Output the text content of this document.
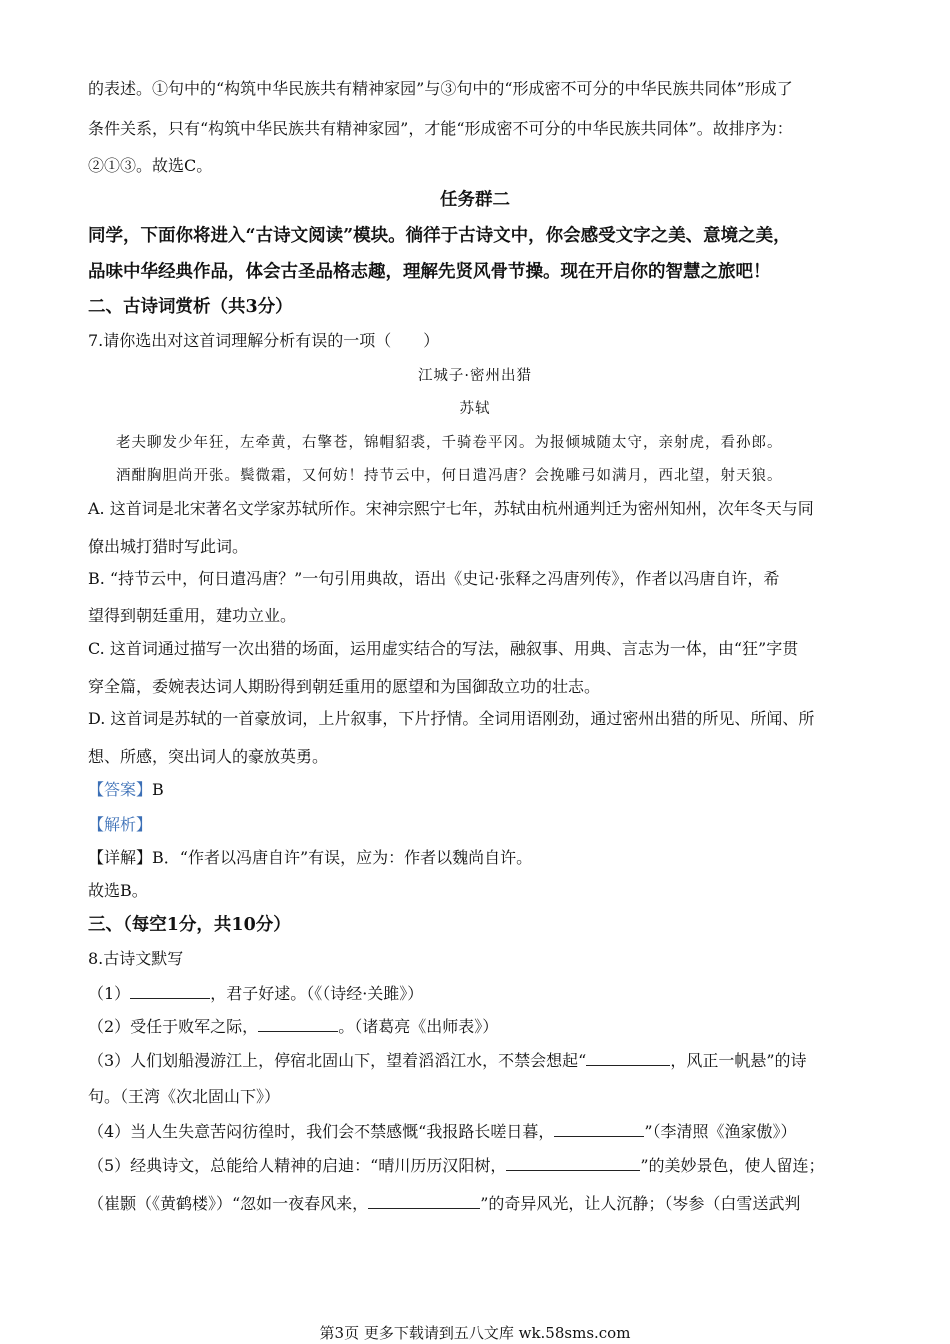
的表述。①句中的“构筑中华民族共有精神家园”与③句中的“形成密不可分的中华民族共同体”形成了
条件关系，只有“构筑中华民族共有精神家园”，才能“形成密不可分的中华民族共同体”。故排序为：
②①③。故选C。
任务群二
同学，下面你将进入“古诗文阅读”模块。徜徉于古诗文中，你会感受文字之美、意境之美，
品味中华经典作品，体会古圣品格志趣，理解先贤风骨节操。现在开启你的智慧之旅吧！
二、古诗词赏析（共3分）
7.请你选出对这首词理解分析有误的一项（　　）
江城子·密州出猎
苏轼
老夫聊发少年狂，左牵黄，右擎苍，锦帽貂裘，千骑卷平冈。为报倾城随太守，亲射虎，看孙郎。
酒酣胸胆尚开张。鬓微霜，又何妨！持节云中，何日遣冯唐？会挽雕弓如满月，西北望，射天狼。
A. 这首词是北宋著名文学家苏轼所作。宋神宗熙宁七年，苏轼由杭州通判迁为密州知州，次年冬天与同
僚出城打猎时写此词。
B. “持节云中，何日遣冯唐？”一句引用典故，语出《史记·张释之冯唐列传》，作者以冯唐自许，希
望得到朝廷重用，建功立业。
C. 这首词通过描写一次出猎的场面，运用虚实结合的写法，融叙事、用典、言志为一体，由“狂”字贯
穿全篇，委婉表达词人期盼得到朝廷重用的愿望和为国御敌立功的壮志。
D. 这首词是苏轼的一首豪放词，上片叙事，下片抒情。全词用语刚劲，通过密州出猎的所见、所闻、所
想、所感，突出词人的豪放英勇。
【答案】B
【解析】
【详解】B．“作者以冯唐自许”有误，应为：作者以魏尚自许。
故选B。
三、（每空1分，共10分）
8.古诗文默写
（1）	，君子好逑。（《（诗经·关雎》）
（2）受任于败军之际，	。（诸葛亮《出师表》）
（3）人们划船漫游江上，停宿北固山下，望着滔滔江水，不禁会想起“	，风正一帆悬”的诗
句。（王湾《次北固山下》）
（4）当人生失意苦闷彷徨时，我们会不禁感慨“我报路长嗟日暮，	”（李清照《渔家傲》）
（5）经典诗文，总能给人精神的启迪：“晴川历历汉阳树，	”的美妙景色，使人留连；
（崔颢（《黄鹤楼》）“忽如一夜春风来，	”的奇异风光，让人沉静；（岑参（白雪送武判
第3页 更多下载请到五八文库 wk.58sms.com
